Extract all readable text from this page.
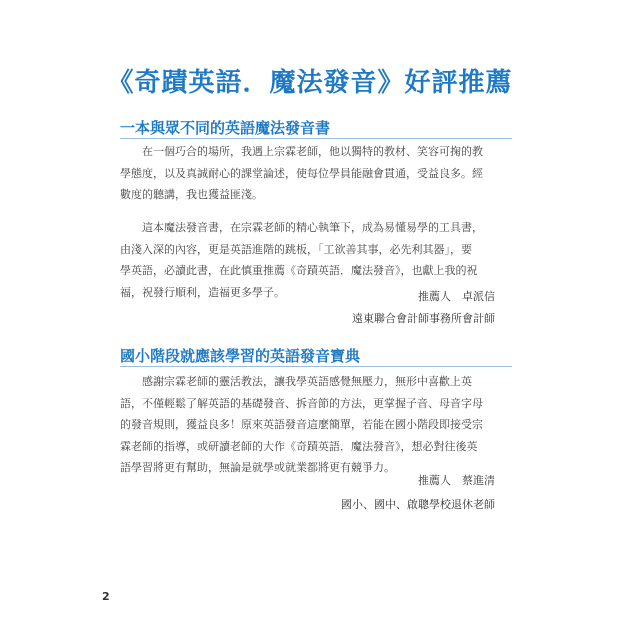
《奇蹟英語．魔法發音》好評推薦
一本與眾不同的英語魔法發音書
在一個巧合的場所，我遇上宗霖老師，他以獨特的教材、笑容可掬的教
學態度，以及真誠耐心的課堂論述，使每位學員能融會貫通，受益良多。經
數度的聽講，我也獲益匪淺。
這本魔法發音書，在宗霖老師的精心執筆下，成為易懂易學的工具書，
由淺入深的內容，更是英語進階的跳板，「工欲善其事，必先利其器」，要
學英語，必讀此書，在此慎重推薦《奇蹟英語．魔法發音》，也獻上我的祝
福，祝發行順利，造福更多學子。	推薦人　卓派信
遠東聯合會計師事務所會計師
國小階段就應該學習的英語發音寶典
感謝宗霖老師的靈活教法，讓我學英語感覺無壓力，無形中喜歡上英
語，不僅輕鬆了解英語的基礎發音、拆音節的方法，更掌握子音、母音字母
的發音規則，獲益良多！原來英語發音這麼簡單，若能在國小階段即接受宗
霖老師的指導，或研讀老師的大作《奇蹟英語．魔法發音》，想必對往後英
語學習將更有幫助，無論是就學或就業都將更有競爭力。
推薦人　蔡進清
國小、國中、啟聰學校退休老師
2
